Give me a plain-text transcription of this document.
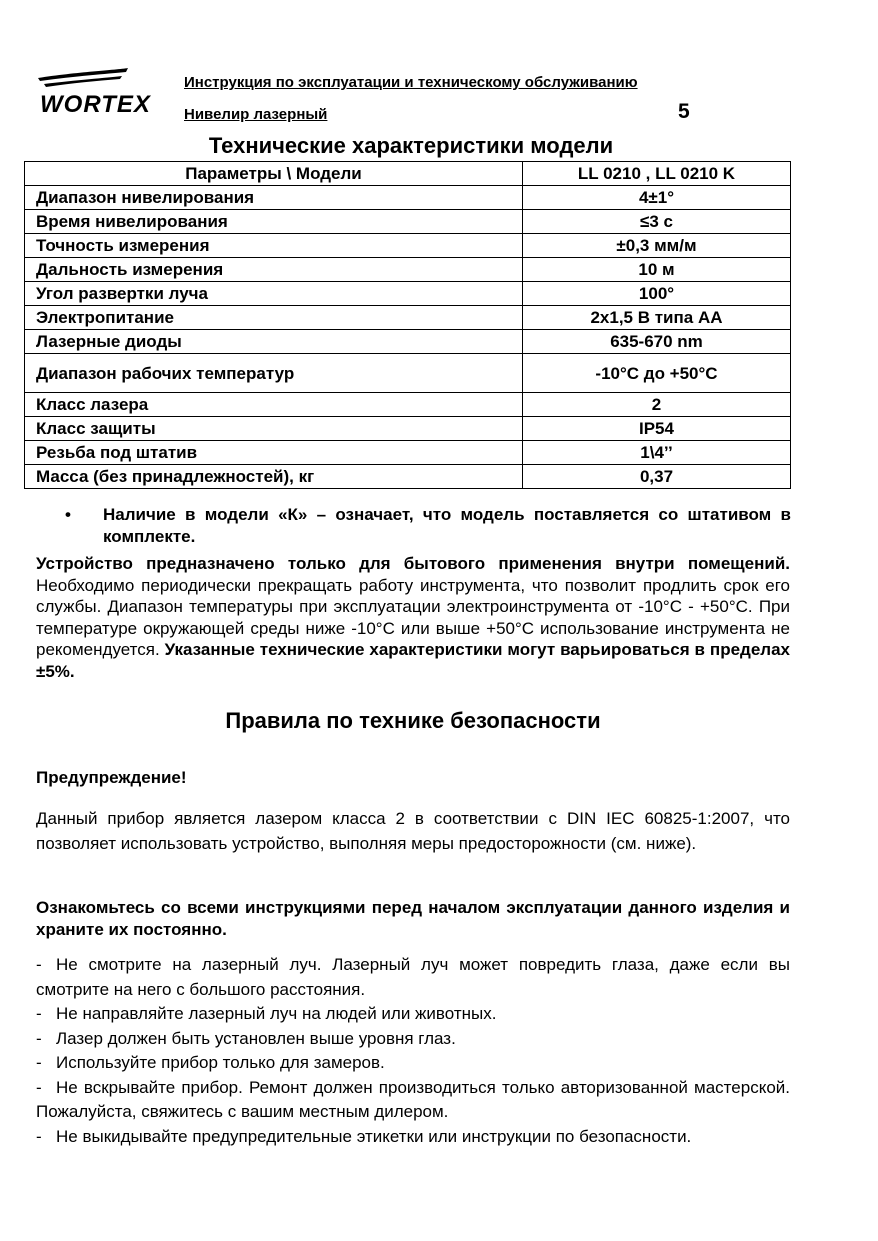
WORTEX
Инструкция по эксплуатации и техническому обслуживанию
Нивелир лазерный	5
Технические характеристики модели
Параметры \ Модели	LL 0210 , LL 0210 K
Диапазон нивелирования	4±1°
Время нивелирования	≤3 с
Точность измерения	±0,3 мм/м
Дальность измерения	10 м
Угол развертки луча	100°
Электропитание	2х1,5 В типа АА
Лазерные диоды	635-670 nm
Диапазон рабочих температур	-10°С до +50°С
Класс лазера	2
Класс защиты	IP54
Резьба под штатив	1\4’’
Масса (без принадлежностей), кг	0,37
• Наличие в модели «К» – означает, что модель поставляется со штативом в комплекте.
Устройство предназначено только для бытового применения внутри помещений. Необходимо периодически прекращать работу инструмента, что позволит продлить срок его службы. Диапазон температуры при эксплуатации электроинструмента от -10°С - +50°С. При температуре окружающей среды ниже -10°С или выше +50°С использование инструмента не рекомендуется. Указанные технические характеристики могут варьироваться в пределах ±5%.
Правила по технике безопасности
Предупреждение!
Данный прибор является лазером класса 2 в соответствии с DIN IEC 60825-1:2007, что позволяет использовать устройство, выполняя меры предосторожности (см. ниже).
Ознакомьтесь со всеми инструкциями перед началом эксплуатации данного изделия и храните их постоянно.
- Не смотрите на лазерный луч. Лазерный луч может повредить глаза, даже если вы смотрите на него с большого расстояния.
- Не направляйте лазерный луч на людей или животных.
- Лазер должен быть установлен выше уровня глаз.
- Используйте прибор только для замеров.
- Не вскрывайте прибор. Ремонт должен производиться только авторизованной мастерской. Пожалуйста, свяжитесь с вашим местным дилером.
- Не выкидывайте предупредительные этикетки или инструкции по безопасности.
